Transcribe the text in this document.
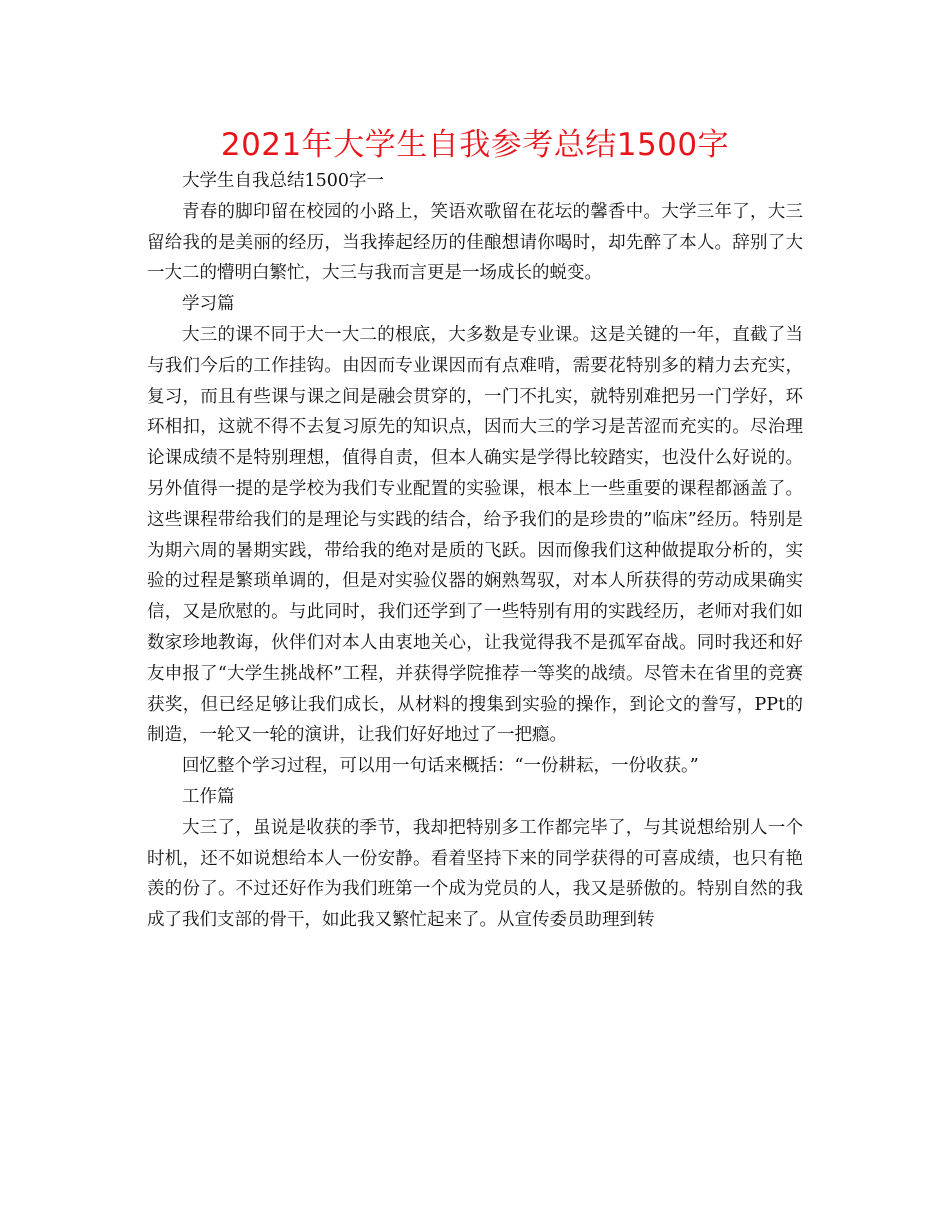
2021年大学生自我参考总结1500字

大学生自我总结1500字一

青春的脚印留在校园的小路上，笑语欢歌留在花坛的馨香中。大学三年了，大三留给我的是美丽的经历，当我捧起经历的佳酿想请你喝时，却先醉了本人。辞别了大一大二的懵明白繁忙，大三与我而言更是一场成长的蜕变。

学习篇

大三的课不同于大一大二的根底，大多数是专业课。这是关键的一年，直截了当与我们今后的工作挂钩。由因而专业课因而有点难啃，需要花特别多的精力去充实，复习，而且有些课与课之间是融会贯穿的，一门不扎实，就特别难把另一门学好，环环相扣，这就不得不去复习原先的知识点，因而大三的学习是苦涩而充实的。尽治理论课成绩不是特别理想，值得自责，但本人确实是学得比较踏实，也没什么好说的。另外值得一提的是学校为我们专业配置的实验课，根本上一些重要的课程都涵盖了。这些课程带给我们的是理论与实践的结合，给予我们的是珍贵的”临床”经历。特别是为期六周的暑期实践，带给我的绝对是质的飞跃。因而像我们这种做提取分析的，实验的过程是繁琐单调的，但是对实验仪器的娴熟驾驭，对本人所获得的劳动成果确实信，又是欣慰的。与此同时，我们还学到了一些特别有用的实践经历，老师对我们如数家珍地教诲，伙伴们对本人由衷地关心，让我觉得我不是孤军奋战。同时我还和好友申报了“大学生挑战杯”工程，并获得学院推荐一等奖的战绩。尽管未在省里的竞赛获奖，但已经足够让我们成长，从材料的搜集到实验的操作，到论文的誊写，PPt的制造，一轮又一轮的演讲，让我们好好地过了一把瘾。

回忆整个学习过程，可以用一句话来概括：“一份耕耘，一份收获。”

工作篇

大三了，虽说是收获的季节，我却把特别多工作都完毕了，与其说想给别人一个时机，还不如说想给本人一份安静。看着坚持下来的同学获得的可喜成绩，也只有艳羡的份了。不过还好作为我们班第一个成为党员的人，我又是骄傲的。特别自然的我成了我们支部的骨干，如此我又繁忙起来了。从宣传委员助理到转
